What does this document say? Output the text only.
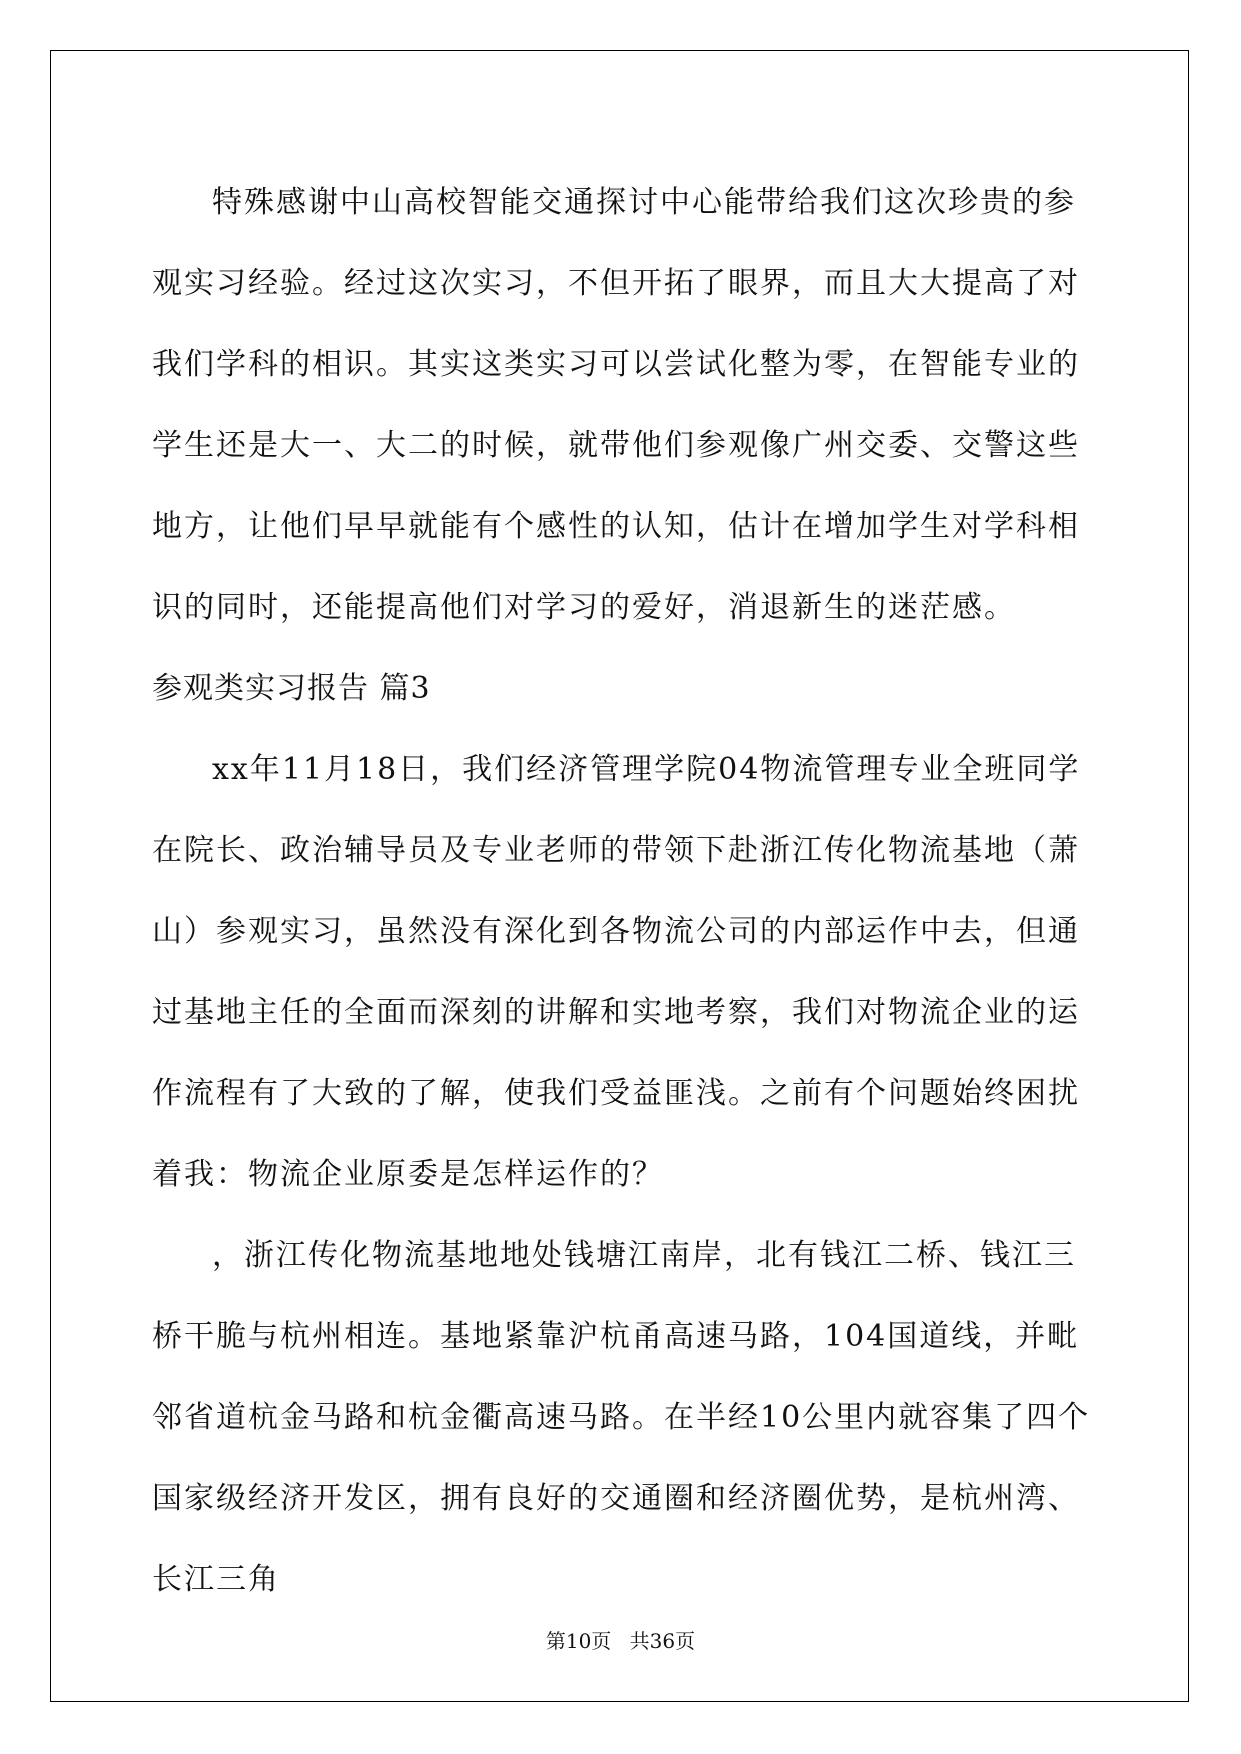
特殊感谢中山高校智能交通探讨中心能带给我们这次珍贵的参观实习经验。经过这次实习，不但开拓了眼界，而且大大提高了对我们学科的相识。其实这类实习可以尝试化整为零，在智能专业的学生还是大一、大二的时候，就带他们参观像广州交委、交警这些地方，让他们早早就能有个感性的认知，估计在增加学生对学科相识的同时，还能提高他们对学习的爱好，消退新生的迷茫感。

参观类实习报告 篇3

xx年11月18日，我们经济管理学院04物流管理专业全班同学在院长、政治辅导员及专业老师的带领下赴浙江传化物流基地（萧山）参观实习，虽然没有深化到各物流公司的内部运作中去，但通过基地主任的全面而深刻的讲解和实地考察，我们对物流企业的运作流程有了大致的了解，使我们受益匪浅。之前有个问题始终困扰着我：物流企业原委是怎样运作的？

，浙江传化物流基地地处钱塘江南岸，北有钱江二桥、钱江三桥干脆与杭州相连。基地紧靠沪杭甬高速马路，104国道线，并毗邻省道杭金马路和杭金衢高速马路。在半经10公里内就容集了四个国家级经济开发区，拥有良好的交通圈和经济圈优势，是杭州湾、长江三角

第10页 共36页
